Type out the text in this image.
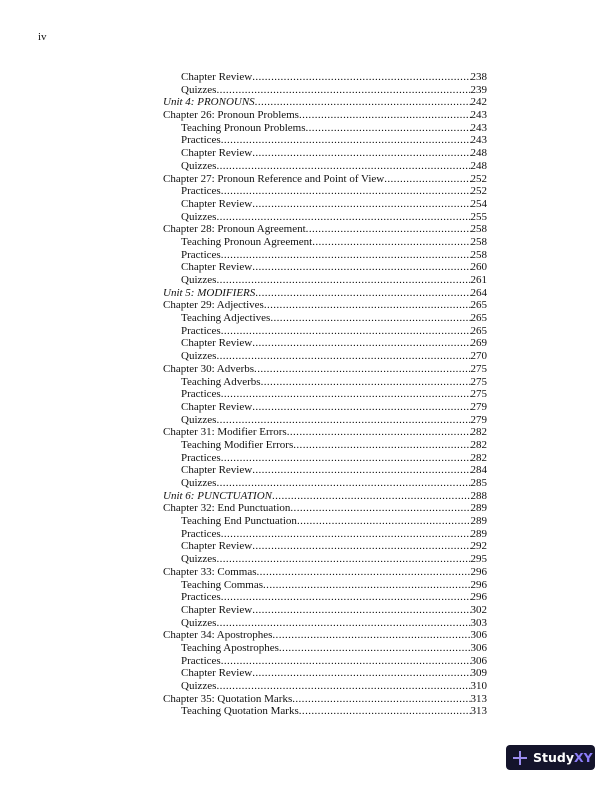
iv
Chapter Review .....	238
Quizzes .....	239
Unit 4: PRONOUNS .....	242
Chapter 26: Pronoun Problems .....	243
Teaching Pronoun Problems .....	243
Practices .....	243
Chapter Review .....	248
Quizzes .....	248
Chapter 27: Pronoun Reference and Point of View .....	252
Practices .....	252
Chapter Review .....	254
Quizzes .....	255
Chapter 28: Pronoun Agreement .....	258
Teaching Pronoun Agreement .....	258
Practices .....	258
Chapter Review .....	260
Quizzes .....	261
Unit 5: MODIFIERS .....	264
Chapter 29: Adjectives .....	265
Teaching Adjectives .....	265
Practices .....	265
Chapter Review .....	269
Quizzes .....	270
Chapter 30: Adverbs .....	275
Teaching Adverbs .....	275
Practices .....	275
Chapter Review .....	279
Quizzes .....	279
Chapter 31: Modifier Errors .....	282
Teaching Modifier Errors .....	282
Practices .....	282
Chapter Review .....	284
Quizzes .....	285
Unit 6: PUNCTUATION .....	288
Chapter 32: End Punctuation .....	289
Teaching End Punctuation .....	289
Practices .....	289
Chapter Review .....	292
Quizzes .....	295
Chapter 33: Commas .....	296
Teaching Commas .....	296
Practices .....	296
Chapter Review .....	302
Quizzes .....	303
Chapter 34: Apostrophes .....	306
Teaching Apostrophes .....	306
Practices .....	306
Chapter Review .....	309
Quizzes .....	310
Chapter 35: Quotation Marks .....	313
Teaching Quotation Marks .....	313
Study XY
